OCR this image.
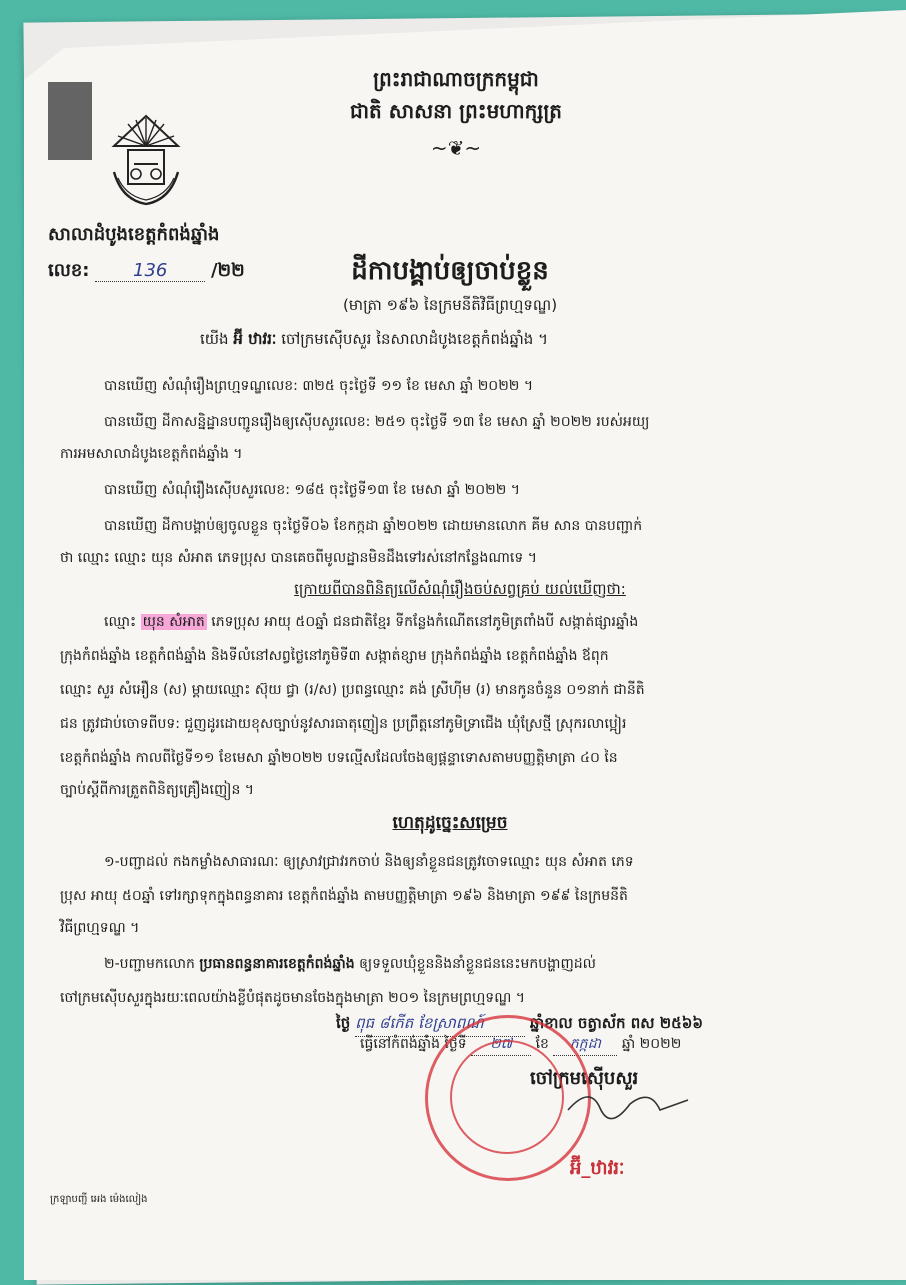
ព្រះរាជាណាចក្រកម្ពុជា
ជាតិ សាសនា ព្រះមហាក្សត្រ
~❦~
សាលាដំបូងខេត្តកំពង់ឆ្នាំង
លេខ: 136 /២២	ដីកាបង្គាប់ឲ្យចាប់ខ្លួន
(មាត្រា ១៩៦ នៃក្រមនីតិវិធីព្រហ្មទណ្ឌ)
យើង អ៊ី ឋាវរៈ ចៅក្រមស៊ើបសួរ នៃសាលាដំបូងខេត្តកំពង់ឆ្នាំង ។
បានឃើញ សំណុំរឿងព្រហ្មទណ្ឌលេខ: ៣២៥ ចុះថ្ងៃទី ១១ ខែ មេសា ឆ្នាំ ២០២២ ។
បានឃើញ ដីកាសន្និដ្ឋានបញ្ជូនរឿងឲ្យស៊ើបសួរលេខ: ២៥១ ចុះថ្ងៃទី ១៣ ខែ មេសា ឆ្នាំ ២០២២ របស់អយ្យ
ការអមសាលាដំបូងខេត្តកំពង់ឆ្នាំង ។
បានឃើញ សំណុំរឿងស៊ើបសួរលេខ: ១៨៥ ចុះថ្ងៃទី១៣ ខែ មេសា ឆ្នាំ ២០២២ ។
បានឃើញ ដីកាបង្គាប់ឲ្យចូលខ្លួន ចុះថ្ងៃទី០៦ ខែកក្កដា ឆ្នាំ២០២២ ដោយមានលោក គីម សាន បានបញ្ជាក់
ថា ឈ្មោះ ឈ្មោះ យុន សំអាត ភេទប្រុស បានគេចពីមូលដ្ឋានមិនដឹងទៅរស់នៅកន្លែងណាទេ ។
ក្រោយពីបានពិនិត្យលើសំណុំរឿងចប់សព្វគ្រប់ យល់ឃើញថា:
ឈ្មោះ យុន សំអាត ភេទប្រុស អាយុ ៥០ឆ្នាំ ជនជាតិខ្មែរ ទីកន្លែងកំណើតនៅភូមិត្រពាំងបី សង្កាត់ផ្សារឆ្នាំង
ក្រុងកំពង់ឆ្នាំង ខេត្តកំពង់ឆ្នាំង និងទីលំនៅសព្វថ្ងៃនៅភូមិទី៣ សង្កាត់ខ្សាម ក្រុងកំពង់ឆ្នាំង ខេត្តកំពង់ឆ្នាំង ឪពុក
ឈ្មោះ សួរ សំអឿន (ស) ម្តាយឈ្មោះ ស៊ុយ ជ្វា (រ/ស) ប្រពន្ធឈ្មោះ គង់ ស្រីហ៊ីម (រ) មានកូនចំនួន ០១នាក់ ជានីតិ
ជន ត្រូវជាប់ចោទពីបទ: ជួញដូរដោយខុសច្បាប់នូវសារធាតុញៀន ប្រព្រឹត្តនៅភូមិទ្រាជើង ឃុំស្រែថ្មី ស្រុករលាប្អៀរ
ខេត្តកំពង់ឆ្នាំង កាលពីថ្ងៃទី១១ ខែមេសា ឆ្នាំ២០២២ បទល្មើសដែលចែងឲ្យផ្តន្ទាទោសតាមបញ្ញត្តិមាត្រា ៤០ នៃ
ច្បាប់ស្តីពីការត្រួតពិនិត្យគ្រឿងញៀន ។
ហេតុដូច្នេះសម្រេច
១-បញ្ជាដល់ កងកម្លាំងសាធារណៈ ឲ្យស្រាវជ្រាវរកចាប់ និងឲ្យនាំខ្លួនជនត្រូវចោទឈ្មោះ យុន សំអាត ភេទ
ប្រុស អាយុ ៥០ឆ្នាំ ទៅរក្សាទុកក្នុងពន្ធនាគារ ខេត្តកំពង់ឆ្នាំង តាមបញ្ញត្តិមាត្រា ១៩៦ និងមាត្រា ១៩៩ នៃក្រមនីតិ
វិធីព្រហ្មទណ្ឌ ។
២-បញ្ជាមកលោក ប្រធានពន្ធនាគារខេត្តកំពង់ឆ្នាំង ឲ្យទទួលឃុំខ្លួននិងនាំខ្លួនជននេះមកបង្ហាញដល់
ចៅក្រមស៊ើបសួរក្នុងរយៈពេលយ៉ាងខ្លីបំផុតដូចមានចែងក្នុងមាត្រា ២០១ នៃក្រមព្រហ្មទណ្ឌ ។
ថ្ងៃ ពុធ ៨កើត ខែស្រាពណ៍	ឆ្នាំខាល ចត្វាស័ក ពស ២៥៦៦
ធ្វើនៅកំពង់ឆ្នាំង ថ្ងៃទី ២៧ ខែ កក្កដា ឆ្នាំ ២០២២
ចៅក្រមស៊ើបសួរ
អ៊ី_ឋាវរៈ
ក្រឡាបញ្ជី អេង ម៉េងលៀង
